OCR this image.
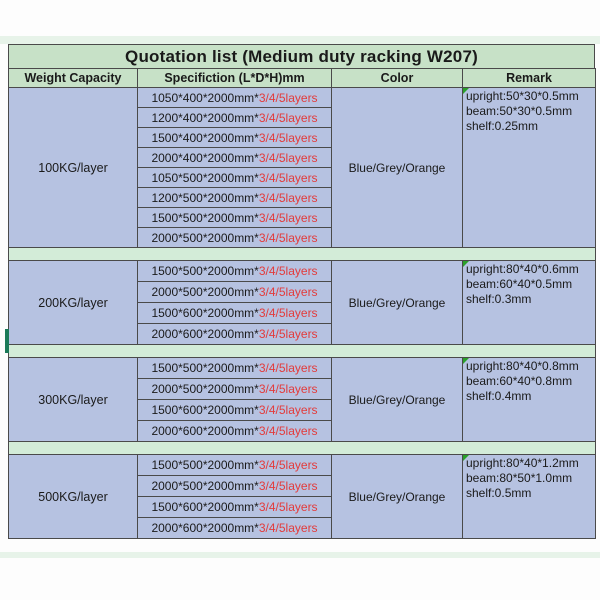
Quotation list (Medium duty racking W207)
Weight Capacity	Specifiction (L*D*H)mm	Color	Remark
100KG/layer	1050*400*2000mm*3/4/5layers	Blue/Grey/Orange	upright:50*30*0.5mm
beam:50*30*0.5mm
shelf:0.25mm

	1200*400*2000mm*3/4/5layers		
	1500*400*2000mm*3/4/5layers		
	2000*400*2000mm*3/4/5layers		
	1050*500*2000mm*3/4/5layers		
	1200*500*2000mm*3/4/5layers		
	1500*500*2000mm*3/4/5layers		
	2000*500*2000mm*3/4/5layers		

200KG/layer	1500*500*2000mm*3/4/5layers	Blue/Grey/Orange	upright:80*40*0.6mm
beam:60*40*0.5mm
shelf:0.3mm

	2000*500*2000mm*3/4/5layers		
	1500*600*2000mm*3/4/5layers		
	2000*600*2000mm*3/4/5layers		

300KG/layer	1500*500*2000mm*3/4/5layers	Blue/Grey/Orange	upright:80*40*0.8mm
beam:60*40*0.8mm
shelf:0.4mm

	2000*500*2000mm*3/4/5layers		
	1500*600*2000mm*3/4/5layers		
	2000*600*2000mm*3/4/5layers		

500KG/layer	1500*500*2000mm*3/4/5layers	Blue/Grey/Orange	upright:80*40*1.2mm
beam:80*50*1.0mm
shelf:0.5mm

	2000*500*2000mm*3/4/5layers		
	1500*600*2000mm*3/4/5layers		
	2000*600*2000mm*3/4/5layers		
